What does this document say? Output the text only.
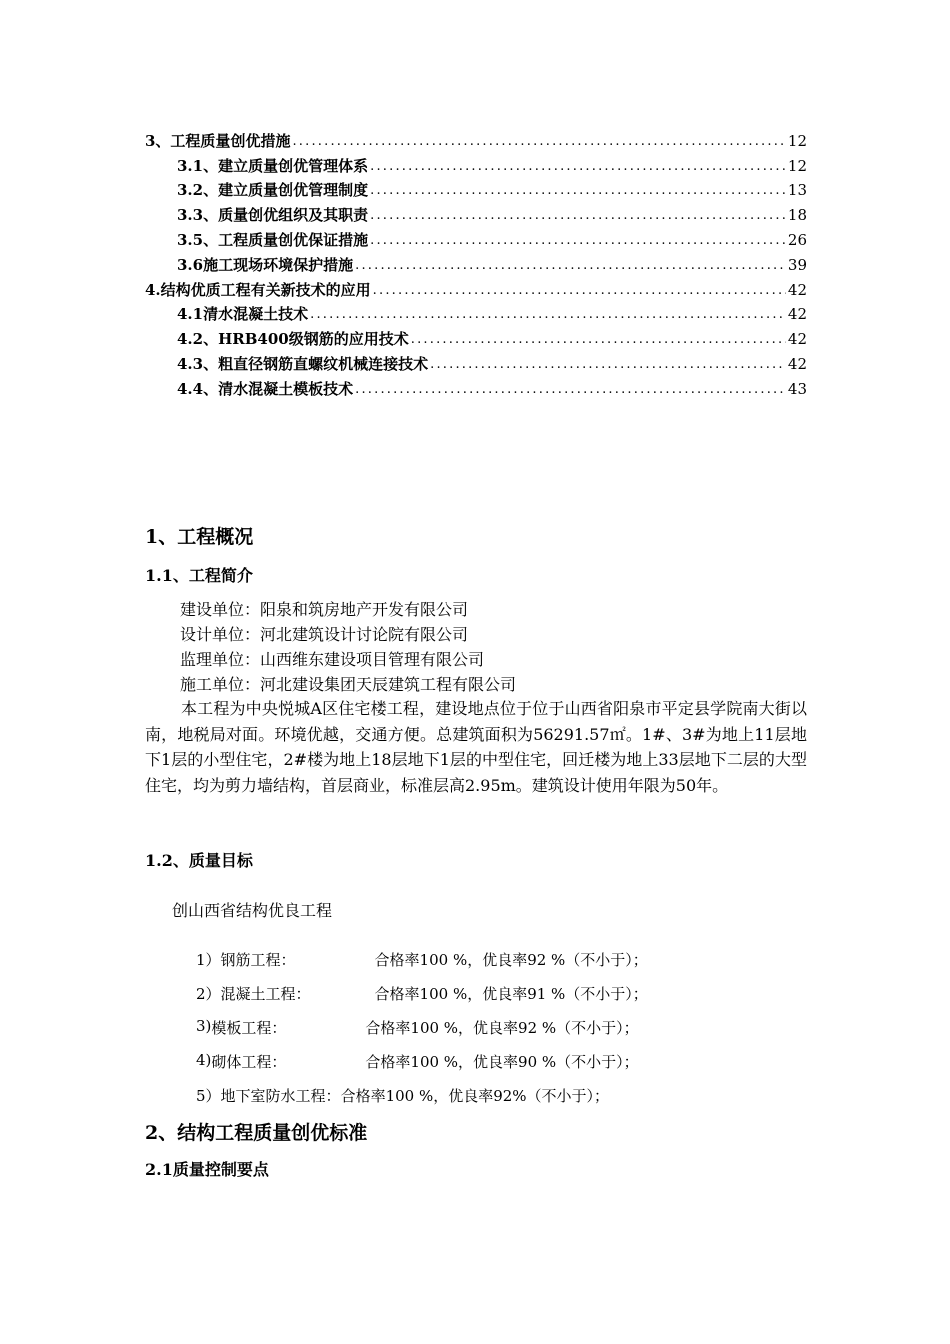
3、工程质量创优措施 .....	12
3.1、建立质量创优管理体系 .....	12
3.2、建立质量创优管理制度 .....	13
3.3、质量创优组织及其职责 .....	18
3.5、工程质量创优保证措施 .....	26
3.6施工现场环境保护措施 .....	39
4.结构优质工程有关新技术的应用 .....	42
4.1清水混凝土技术 .....	42
4.2、HRB400级钢筋的应用技术 .....	42
4.3、粗直径钢筋直螺纹机械连接技术 .....	42
4.4、清水混凝土模板技术 .....	43
1、工程概况
1.1、工程简介
建设单位：阳泉和筑房地产开发有限公司
设计单位：河北建筑设计讨论院有限公司
监理单位：山西维东建设项目管理有限公司
施工单位：河北建设集团天辰建筑工程有限公司
本工程为中央悦城A区住宅楼工程，建设地点位于位于山西省阳泉市平定县学院南大街以南，地税局对面。环境优越，交通方便。总建筑面积为56291.57㎡。1#、3#为地上11层地下1层的小型住宅，2#楼为地上18层地下1层的中型住宅，回迁楼为地上33层地下二层的大型住宅，均为剪力墙结构，首层商业，标准层高2.95m。建筑设计使用年限为50年。
1.2、质量目标
创山西省结构优良工程
1） 钢筋工程：	合格率100 %，优良率92 %（不小于）；
2） 混凝土工程：	合格率100 %，优良率91 %（不小于）；
3) 模板工程：	合格率100 %，优良率92 %（不小于）；
4) 砌体工程：	合格率100 %，优良率90 %（不小于）；
5） 地下室防水工程： 合格率100 %，优良率92%（不小于）；
2、结构工程质量创优标准
2.1质量控制要点
